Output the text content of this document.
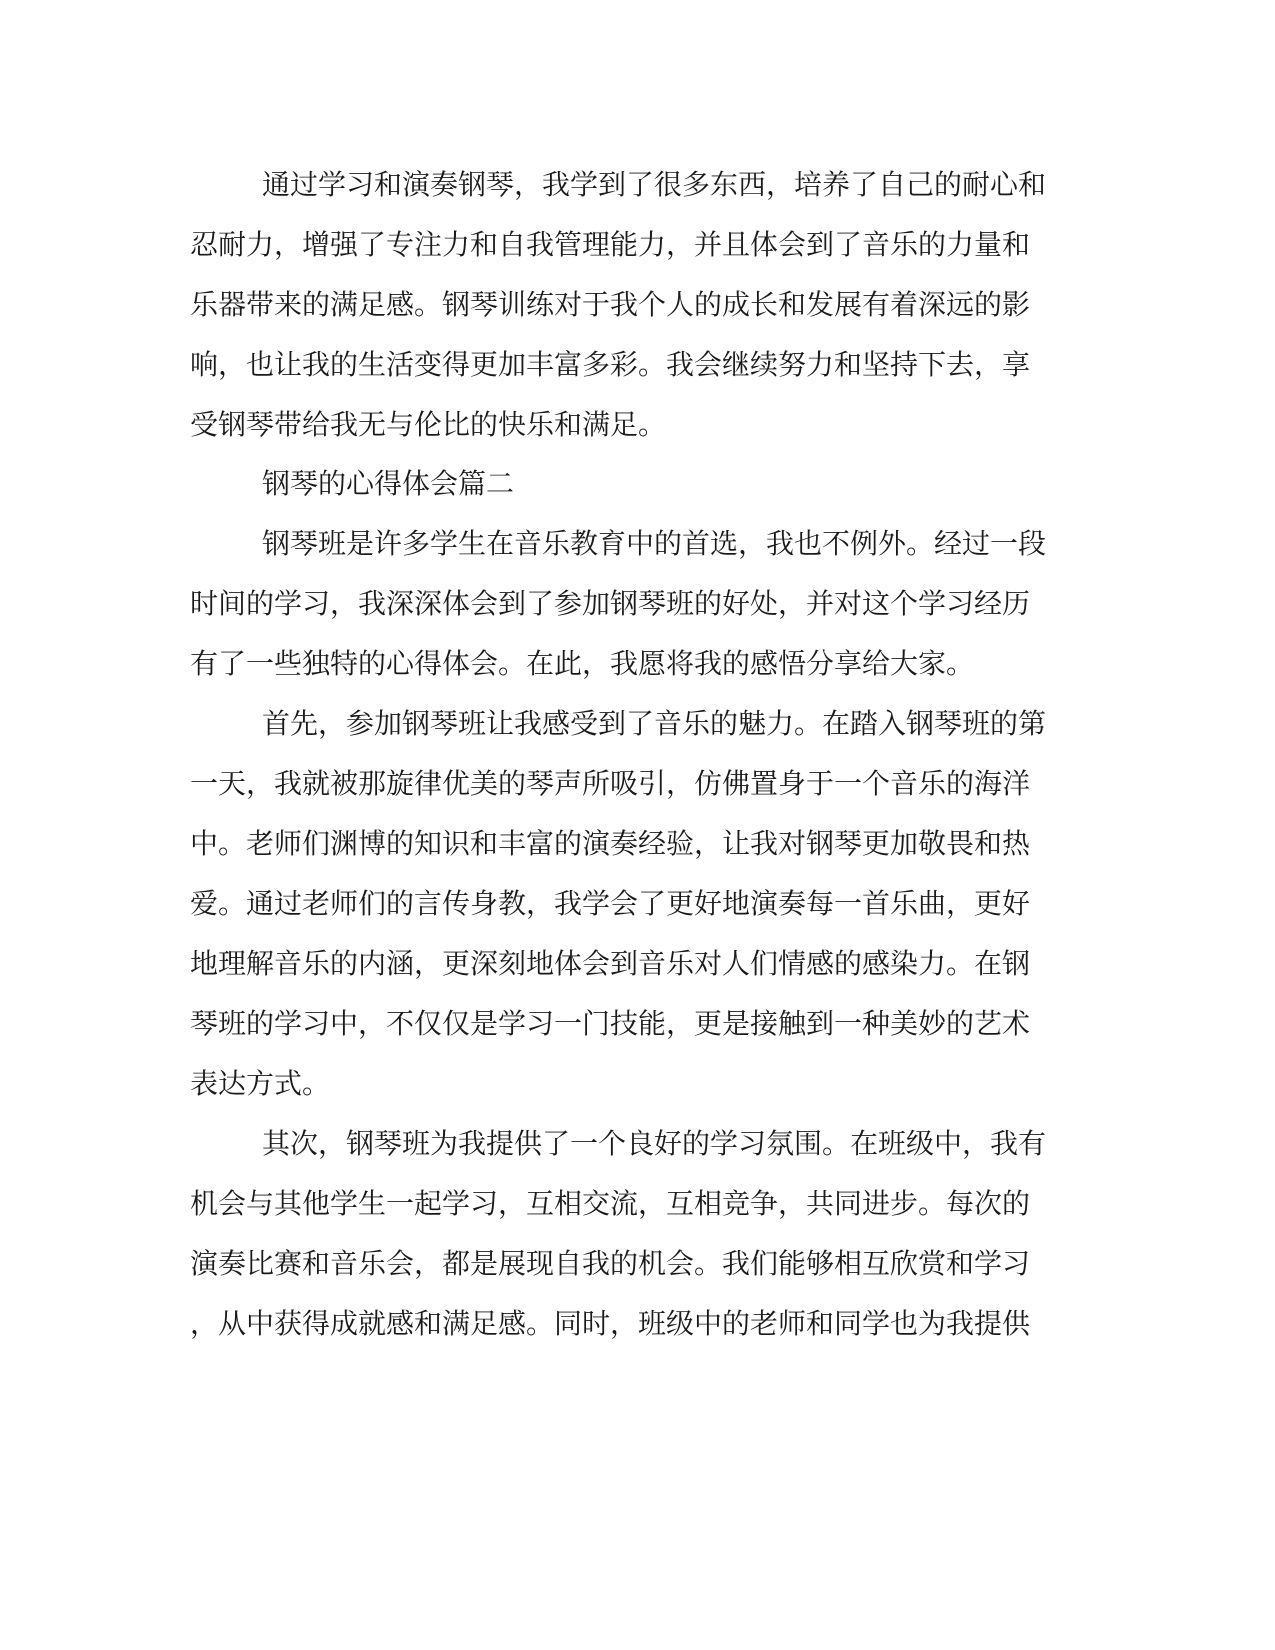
通过学习和演奏钢琴，我学到了很多东西，培养了自己的耐心和
忍耐力，增强了专注力和自我管理能力，并且体会到了音乐的力量和
乐器带来的满足感。钢琴训练对于我个人的成长和发展有着深远的影
响，也让我的生活变得更加丰富多彩。我会继续努力和坚持下去，享
受钢琴带给我无与伦比的快乐和满足。
钢琴的心得体会篇二
钢琴班是许多学生在音乐教育中的首选，我也不例外。经过一段
时间的学习，我深深体会到了参加钢琴班的好处，并对这个学习经历
有了一些独特的心得体会。在此，我愿将我的感悟分享给大家。
首先，参加钢琴班让我感受到了音乐的魅力。在踏入钢琴班的第
一天，我就被那旋律优美的琴声所吸引，仿佛置身于一个音乐的海洋
中。老师们渊博的知识和丰富的演奏经验，让我对钢琴更加敬畏和热
爱。通过老师们的言传身教，我学会了更好地演奏每一首乐曲，更好
地理解音乐的内涵，更深刻地体会到音乐对人们情感的感染力。在钢
琴班的学习中，不仅仅是学习一门技能，更是接触到一种美妙的艺术
表达方式。
其次，钢琴班为我提供了一个良好的学习氛围。在班级中，我有
机会与其他学生一起学习，互相交流，互相竞争，共同进步。每次的
演奏比赛和音乐会，都是展现自我的机会。我们能够相互欣赏和学习
，从中获得成就感和满足感。同时，班级中的老师和同学也为我提供
